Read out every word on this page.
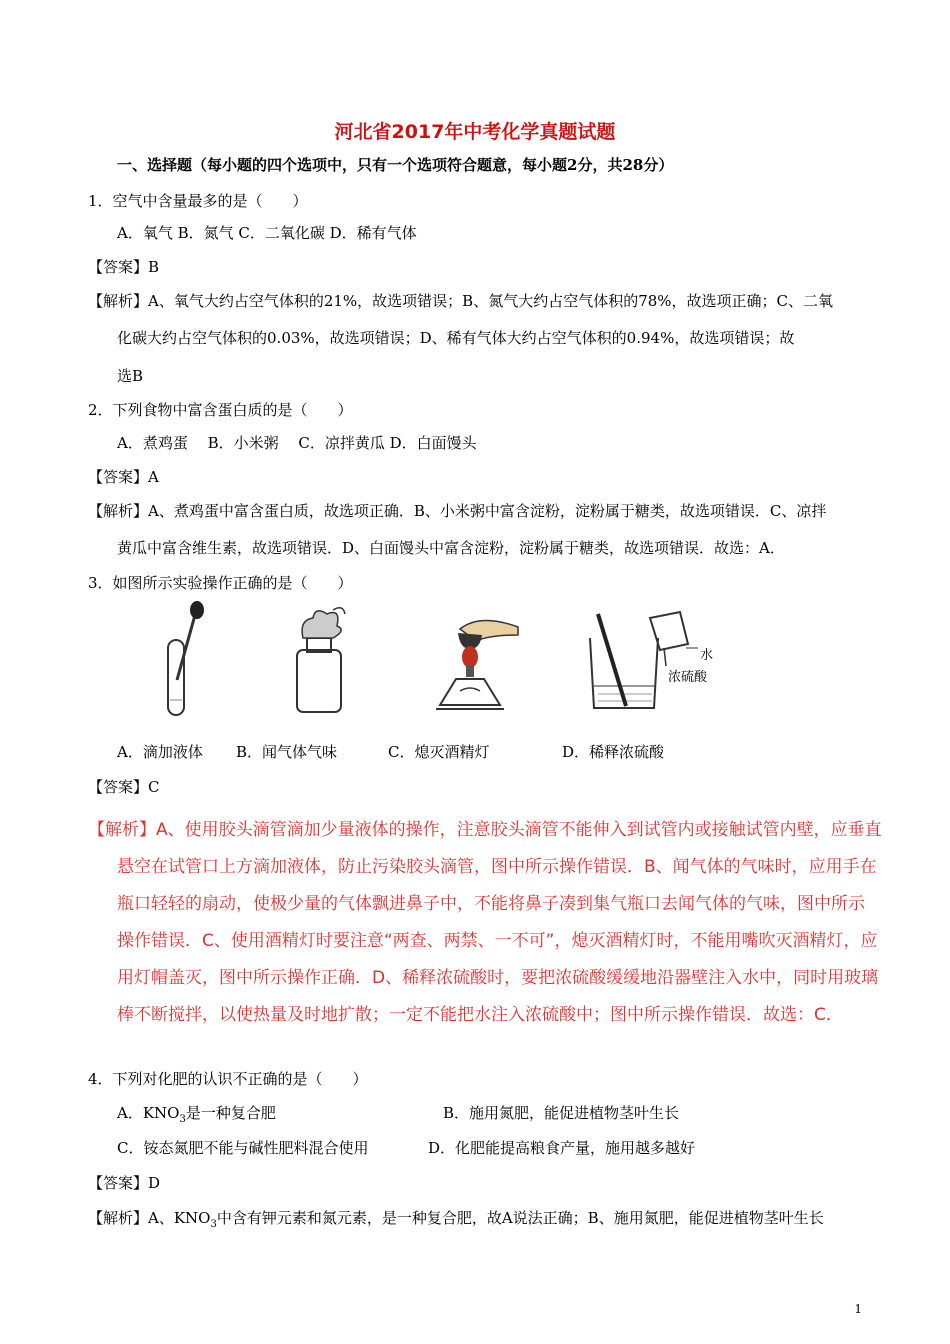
河北省2017年中考化学真题试题
一、选择题（每小题的四个选项中，只有一个选项符合题意，每小题2分，共28分）
1．空气中含量最多的是（　　）
A．氧气 B．氮气 C．二氧化碳 D．稀有气体
【答案】B
【解析】A、氧气大约占空气体积的21%，故选项错误；B、氮气大约占空气体积的78%，故选项正确；C、二氧
化碳大约占空气体积的0.03%，故选项错误；D、稀有气体大约占空气体积的0.94%，故选项错误；故
选B
2．下列食物中富含蛋白质的是（　　）
A．煮鸡蛋　 B．小米粥　 C．凉拌黄瓜 D．白面馒头
【答案】A
【解析】A、煮鸡蛋中富含蛋白质，故选项正确．B、小米粥中富含淀粉，淀粉属于糖类，故选项错误．C、凉拌
黄瓜中富含维生素，故选项错误．D、白面馒头中富含淀粉，淀粉属于糖类，故选项错误．故选：A．
3．如图所示实验操作正确的是（　　）
水
浓硫酸
A．滴加液体 B．闻气体气味	C．熄灭酒精灯	D．稀释浓硫酸
【答案】C
【解析】A、使用胶头滴管滴加少量液体的操作，注意胶头滴管不能伸入到试管内或接触试管内壁，应垂直
悬空在试管口上方滴加液体，防止污染胶头滴管，图中所示操作错误．B、闻气体的气味时，应用手在
瓶口轻轻的扇动，使极少量的气体飘进鼻子中，不能将鼻子凑到集气瓶口去闻气体的气味，图中所示
操作错误．C、使用酒精灯时要注意“两查、两禁、一不可”，熄灭酒精灯时，不能用嘴吹灭酒精灯，应
用灯帽盖灭，图中所示操作正确．D、稀释浓硫酸时，要把浓硫酸缓缓地沿器壁注入水中，同时用玻璃
棒不断搅拌，以使热量及时地扩散；一定不能把水注入浓硫酸中；图中所示操作错误．故选：C．
4．下列对化肥的认识不正确的是（　　）
A．$KNO_3$是一种复合肥	B．施用氮肥，能促进植物茎叶生长
C．铵态氮肥不能与碱性肥料混合使用	D．化肥能提高粮食产量，施用越多越好
【答案】D
【解析】A、$KNO_3$中含有钾元素和氮元素，是一种复合肥，故A说法正确；B、施用氮肥，能促进植物茎叶生长
1
